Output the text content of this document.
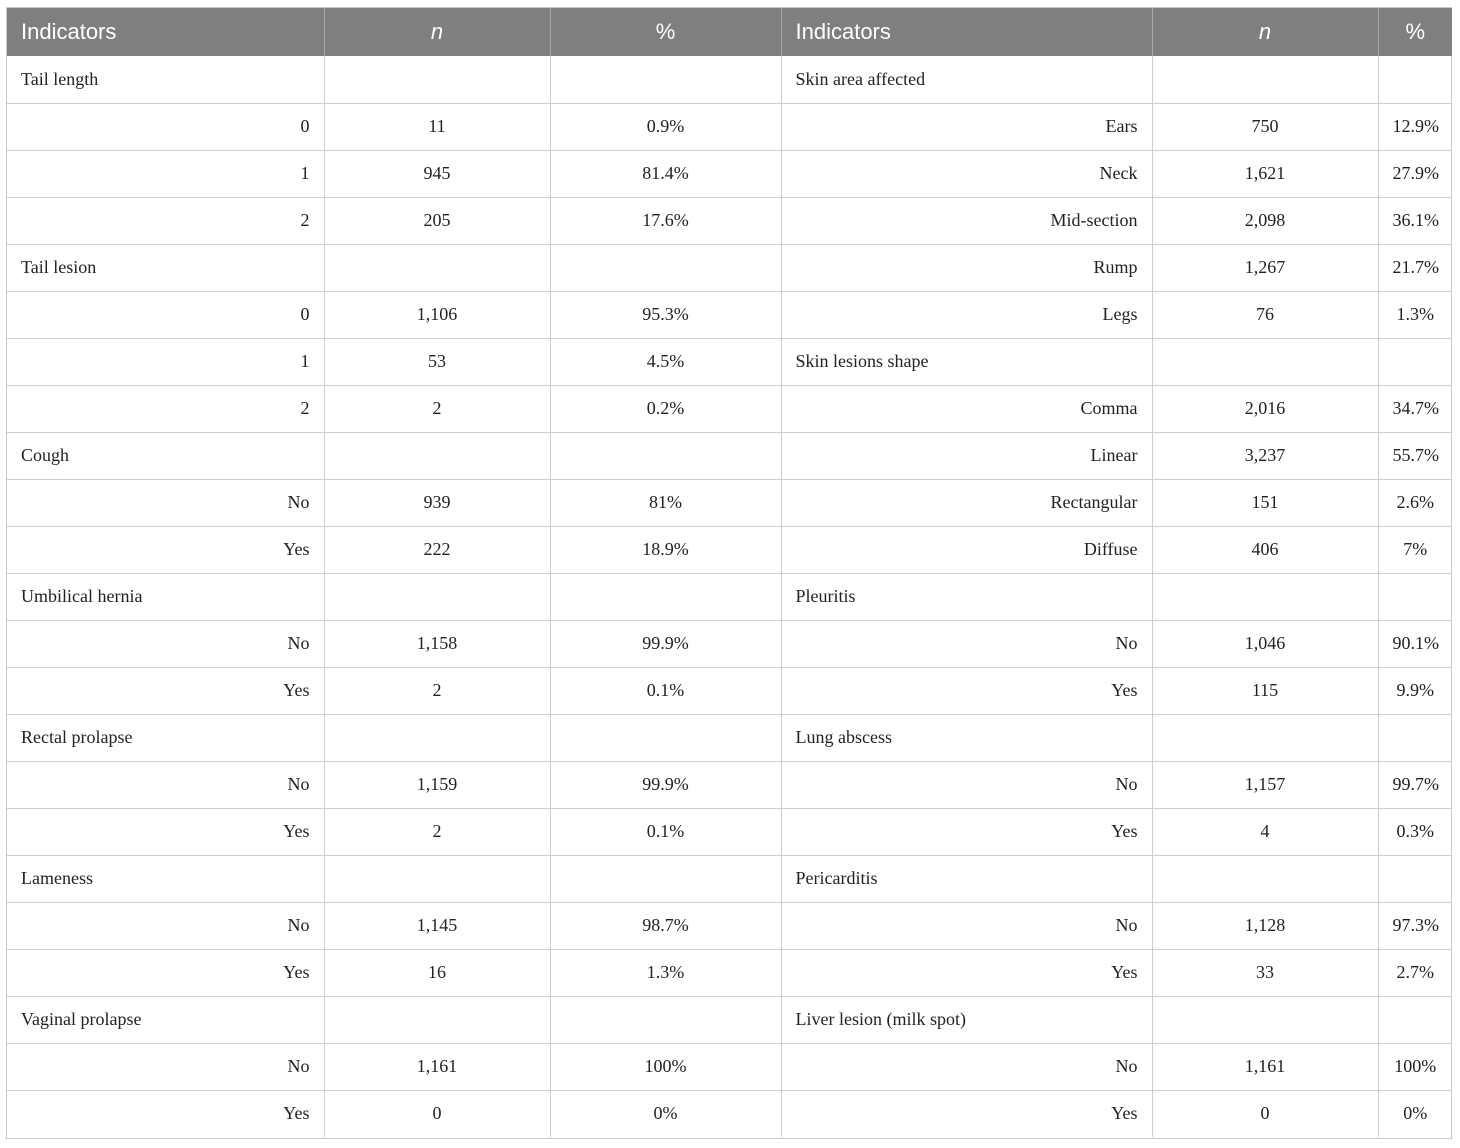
Indicators	n	%	Indicators	n	%
Tail length			Skin area affected		
0	11	0.9%	Ears	750	12.9%
1	945	81.4%	Neck	1,621	27.9%
2	205	17.6%	Mid-section	2,098	36.1%
Tail lesion			Rump	1,267	21.7%
0	1,106	95.3%	Legs	76	1.3%
1	53	4.5%	Skin lesions shape		
2	2	0.2%	Comma	2,016	34.7%
Cough			Linear	3,237	55.7%
No	939	81%	Rectangular	151	2.6%
Yes	222	18.9%	Diffuse	406	7%
Umbilical hernia			Pleuritis		
No	1,158	99.9%	No	1,046	90.1%
Yes	2	0.1%	Yes	115	9.9%
Rectal prolapse			Lung abscess		
No	1,159	99.9%	No	1,157	99.7%
Yes	2	0.1%	Yes	4	0.3%
Lameness			Pericarditis		
No	1,145	98.7%	No	1,128	97.3%
Yes	16	1.3%	Yes	33	2.7%
Vaginal prolapse			Liver lesion (milk spot)		
No	1,161	100%	No	1,161	100%
Yes	0	0%	Yes	0	0%
